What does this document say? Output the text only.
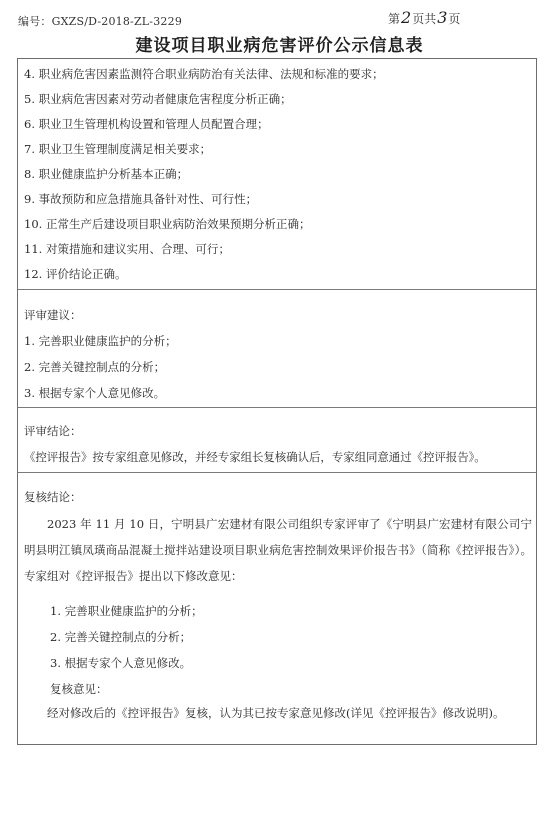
编号：GXZS/D-2018-ZL-3229	第2页共3页
建设项目职业病危害评价公示信息表
4. 职业病危害因素监测符合职业病防治有关法律、法规和标准的要求；
5. 职业病危害因素对劳动者健康危害程度分析正确；
6. 职业卫生管理机构设置和管理人员配置合理；
7. 职业卫生管理制度满足相关要求；
8. 职业健康监护分析基本正确；
9. 事故预防和应急措施具备针对性、可行性；
10. 正常生产后建设项目职业病防治效果预期分析正确；
11. 对策措施和建议实用、合理、可行；
12. 评价结论正确。
评审建议：
1. 完善职业健康监护的分析；
2. 完善关键控制点的分析；
3. 根据专家个人意见修改。
评审结论：
《控评报告》按专家组意见修改，并经专家组长复核确认后，专家组同意通过《控评报告》。
复核结论：
2023 年 11 月 10 日，宁明县广宏建材有限公司组织专家评审了《宁明县广宏建材有限公司宁明县明江镇凤璜商品混凝土搅拌站建设项目职业病危害控制效果评价报告书》（简称《控评报告》）。专家组对《控评报告》提出以下修改意见：
1. 完善职业健康监护的分析；
2. 完善关键控制点的分析；
3. 根据专家个人意见修改。
复核意见：
经对修改后的《控评报告》复核，认为其已按专家意见修改(详见《控评报告》修改说明)。
